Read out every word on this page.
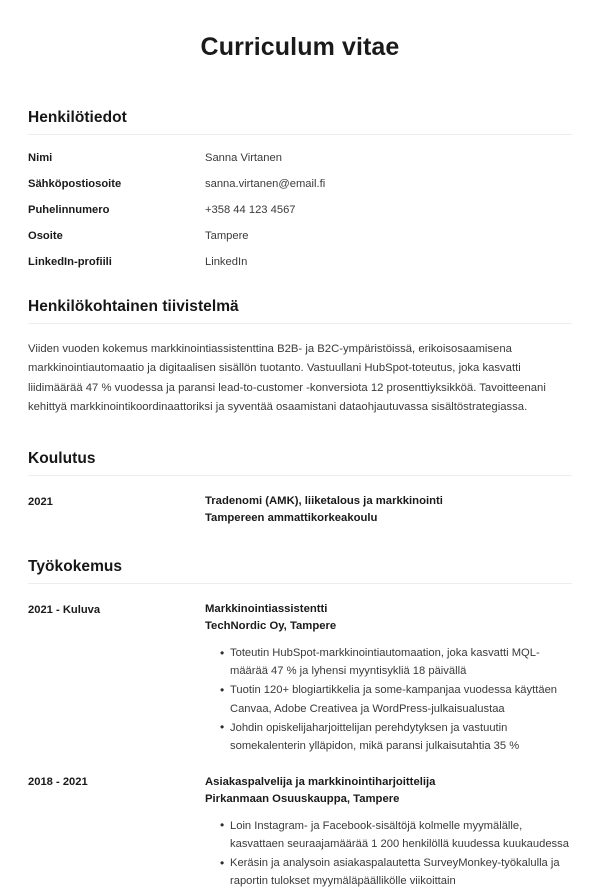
Curriculum vitae
Henkilötiedot
Nimi	Sanna Virtanen
Sähköpostiosoite	sanna.virtanen@email.fi
Puhelinnumero	+358 44 123 4567
Osoite	Tampere
LinkedIn-profiili	LinkedIn
Henkilökohtainen tiivistelmä

Viiden vuoden kokemus markkinointiassistenttina B2B- ja B2C-ympäristöissä, erikoisosaamisena markkinointiautomaatio ja digitaalisen sisällön tuotanto. Vastuullani HubSpot-toteutus, joka kasvatti liidimäärää 47 % vuodessa ja paransi lead-to-customer -konversiota 12 prosenttiyksikköä. Tavoitteenani kehittyä markkinointikoordinaattoriksi ja syventää osaamistani dataohjautuvassa sisältöstrategiassa.

Koulutus
2021	Tradenomi (AMK), liiketalous ja markkinointi
Tampereen ammattikorkeakoulu
Työkokemus
2021 - Kuluva	Markkinointiassistentti
TechNordic Oy, Tampere
• Toteutin HubSpot-markkinointiautomaation, joka kasvatti MQL-määrää 47 % ja lyhensi myyntisykliä 18 päivällä
• Tuotin 120+ blogiartikkelia ja some-kampanjaa vuodessa käyttäen Canvaa, Adobe Creativea ja WordPress-julkaisualustaa
• Johdin opiskelijaharjoittelijan perehdytyksen ja vastuutin somekalenterin ylläpidon, mikä paransi julkaisutahtia 35 %
2018 - 2021	Asiakaspalvelija ja markkinointiharjoittelija
Pirkanmaan Osuuskauppa, Tampere
• Loin Instagram- ja Facebook-sisältöjä kolmelle myymälälle, kasvattaen seuraajamäärää 1 200 henkilöllä kuudessa kuukaudessa
• Keräsin ja analysoin asiakaspalautetta SurveyMonkey-työkalulla ja raportin tulokset myymäläpäällikölle viikoittain
